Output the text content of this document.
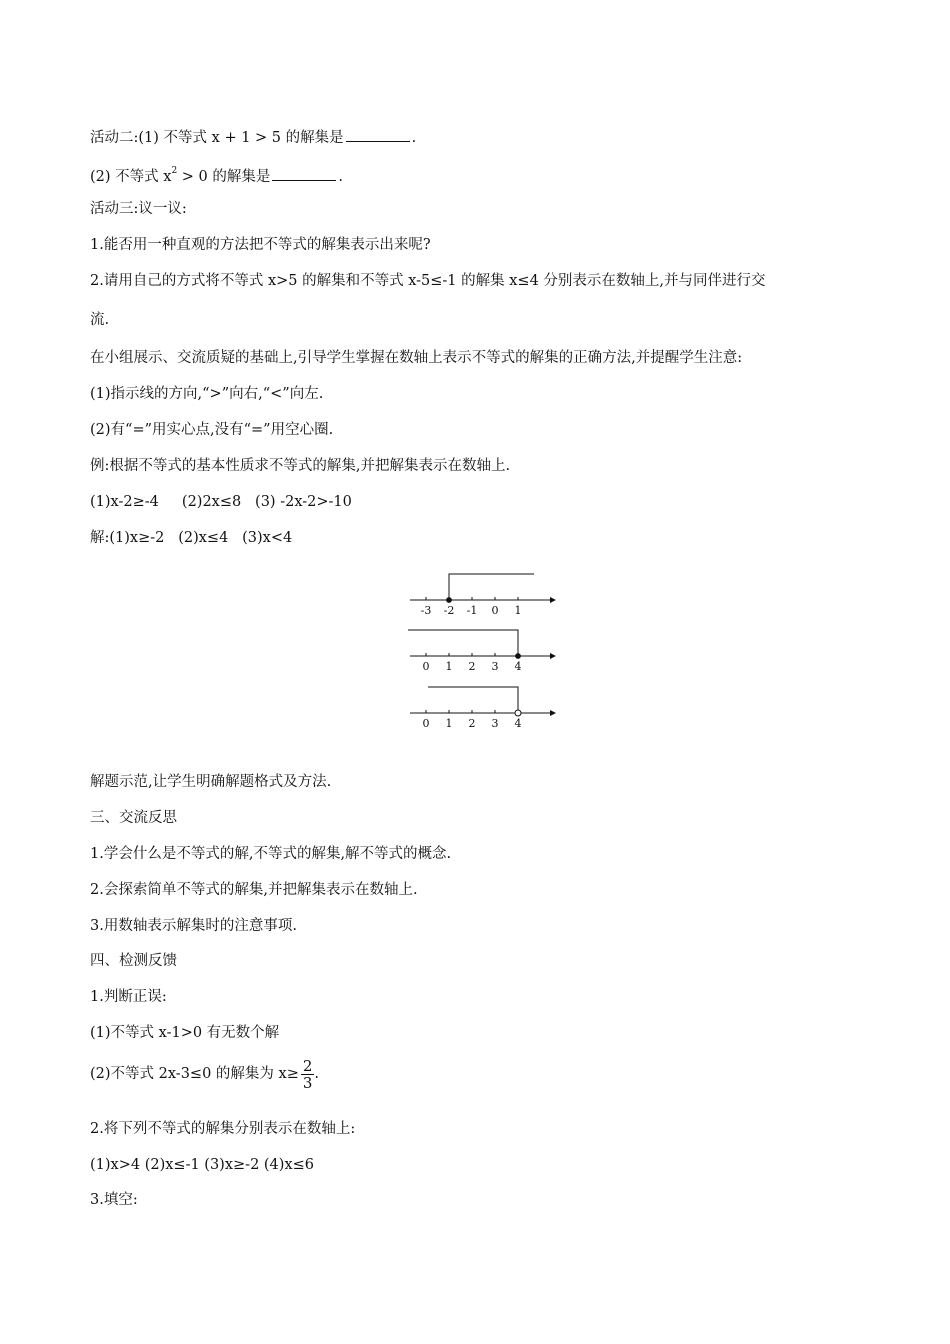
活动二:(1) 不等式 x + 1 > 5 的解集是	.
(2) 不等式 $x^2 > 0$ 的解集是	.
活动三:议一议:
1.能否用一种直观的方法把不等式的解集表示出来呢?
2.请用自己的方式将不等式 x>5 的解集和不等式 x-5≤-1 的解集 x≤4 分别表示在数轴上,并与同伴进行交
流.
在小组展示、交流质疑的基础上,引导学生掌握在数轴上表示不等式的解集的正确方法,并提醒学生注意:
(1)指示线的方向,“>”向右,“<”向左.
(2)有“=”用实心点,没有“=”用空心圈.
例:根据不等式的基本性质求不等式的解集,并把解集表示在数轴上.
(1)x-2≥-4     (2)2x≤8   (3) -2x-2>-10
解:(1)x≥-2   (2)x≤4   (3)x<4
-3 -2 -1 0 1
0 1 2 3 4
0 1 2 3 4
解题示范,让学生明确解题格式及方法.
三、交流反思
1.学会什么是不等式的解,不等式的解集,解不等式的概念.
2.会探索简单不等式的解集,并把解集表示在数轴上.
3.用数轴表示解集时的注意事项.
四、检测反馈
1.判断正误:
(1)不等式 x-1>0 有无数个解
(2)不等式 2x-3≤0 的解集为 $x\ge \frac{2}{3}$ .
2.将下列不等式的解集分别表示在数轴上:
(1)x>4 (2)x≤-1 (3)x≥-2 (4)x≤6
3.填空:
